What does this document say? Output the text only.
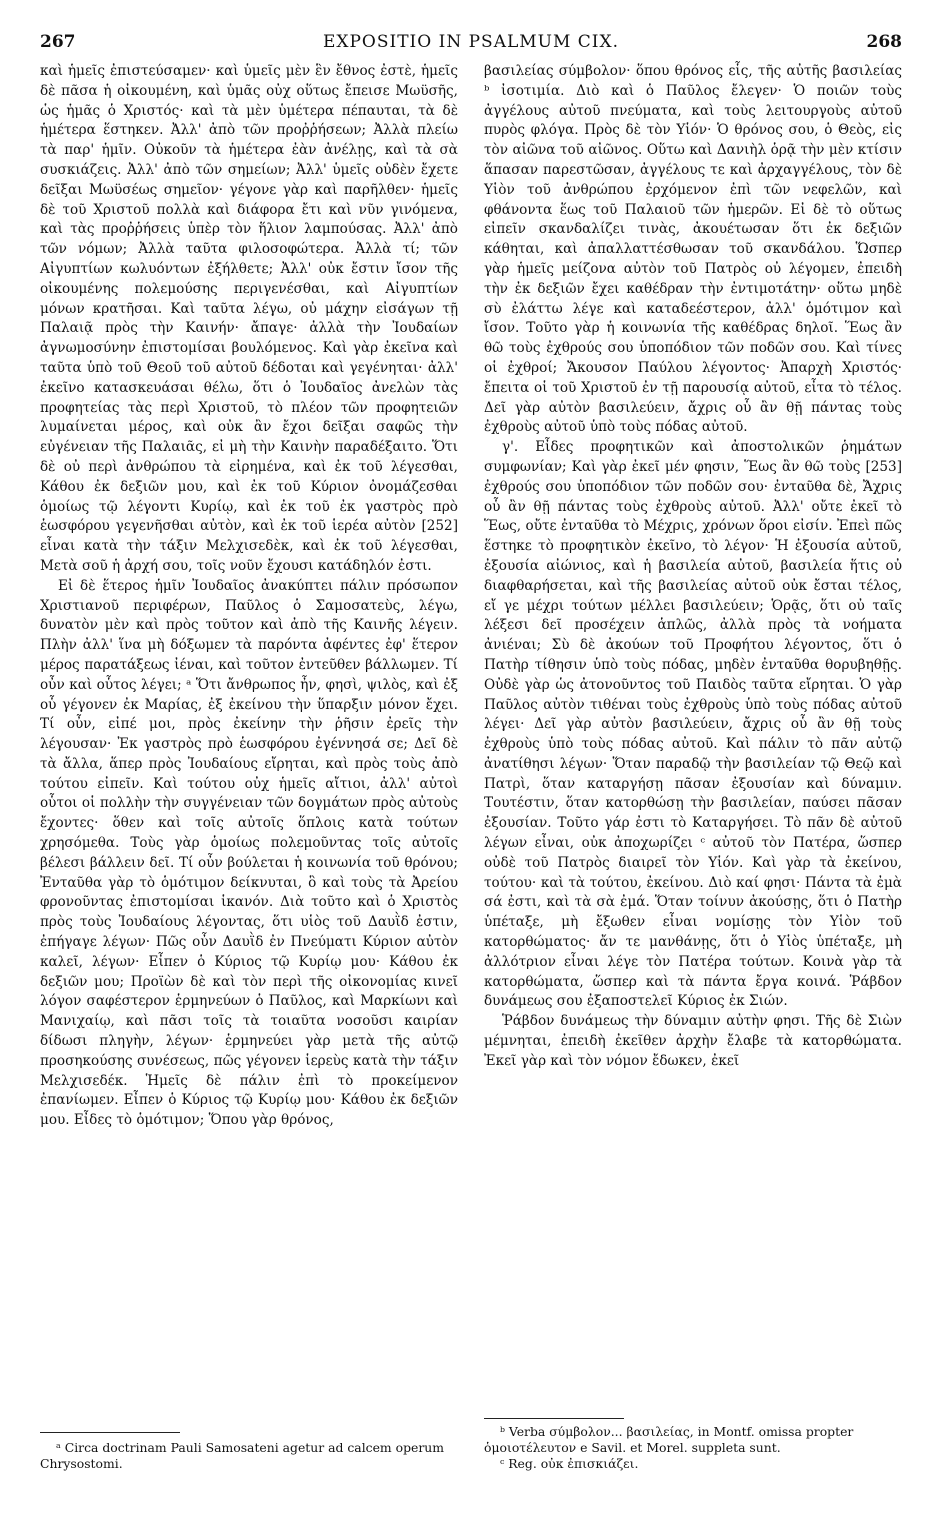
267	EXPOSITIO IN PSALMUM CIX.	268

καὶ ἡμεῖς ἐπιστεύσαμεν· καὶ ὑμεῖς μὲν ἓν ἔθνος ἐστὲ, ἡμεῖς δὲ πᾶσα ἡ οἰκουμένη, καὶ ὑμᾶς οὐχ οὕτως ἔπεισε Μωϋσῆς, ὡς ἡμᾶς ὁ Χριστός· καὶ τὰ μὲν ὑμέτερα πέπαυται, τὰ δὲ ἡμέτερα ἕστηκεν. Ἀλλ' ἀπὸ τῶν προῤῥήσεων; Ἀλλὰ πλείω τὰ παρ' ἡμῖν. Οὐκοῦν τὰ ἡμέτερα ἐὰν ἀνέλῃς, καὶ τὰ σὰ συσκιάζεις. Ἀλλ' ἀπὸ τῶν σημείων; Ἀλλ' ὑμεῖς οὐδὲν ἔχετε δεῖξαι Μωϋσέως σημεῖον· γέγονε γὰρ καὶ παρῆλθεν· ἡμεῖς δὲ τοῦ Χριστοῦ πολλὰ καὶ διάφορα ἔτι καὶ νῦν γινόμενα, καὶ τὰς προῤῥήσεις ὑπὲρ τὸν ἥλιον λαμπούσας. Ἀλλ' ἀπὸ τῶν νόμων; Ἀλλὰ ταῦτα φιλοσοφώτερα. Ἀλλὰ τί; τῶν Αἰγυπτίων κωλυόντων ἐξήλθετε; Ἀλλ' οὐκ ἔστιν ἴσον τῆς οἰκουμένης πολεμούσης περιγενέσθαι, καὶ Αἰγυπτίων μόνων κρατῆσαι. Καὶ ταῦτα λέγω, οὐ μάχην εἰσάγων τῇ Παλαιᾷ πρὸς τὴν Καινήν· ἄπαγε· ἀλλὰ τὴν Ἰουδαίων ἀγνωμοσύνην ἐπιστομίσαι βουλόμενος. Καὶ γὰρ ἐκεῖνα καὶ ταῦτα ὑπὸ τοῦ Θεοῦ τοῦ αὐτοῦ δέδοται καὶ γεγένηται· ἀλλ' ἐκεῖνο κατασκευάσαι θέλω, ὅτι ὁ Ἰουδαῖος ἀνελὼν τὰς προφητείας τὰς περὶ Χριστοῦ, τὸ πλέον τῶν προφητειῶν λυμαίνεται μέρος, καὶ οὐκ ἂν ἔχοι δεῖξαι σαφῶς τὴν εὐγένειαν τῆς Παλαιᾶς, εἰ μὴ τὴν Καινὴν παραδέξαιτο. Ὅτι δὲ οὐ περὶ ἀνθρώπου τὰ εἰρημένα, καὶ ἐκ τοῦ λέγεσθαι, Κάθου ἐκ δεξιῶν μου, καὶ ἐκ τοῦ Κύριον ὀνομάζεσθαι ὁμοίως τῷ λέγοντι Κυρίῳ, καὶ ἐκ τοῦ ἐκ γαστρὸς πρὸ ἑωσφόρου γεγενῆσθαι αὐτὸν, καὶ ἐκ τοῦ ἱερέα αὐτὸν [252] εἶναι κατὰ τὴν τάξιν Μελχισεδὲκ, καὶ ἐκ τοῦ λέγεσθαι, Μετὰ σοῦ ἡ ἀρχή σου, τοῖς νοῦν ἔχουσι κατάδηλόν ἐστι.

Εἰ δὲ ἕτερος ἡμῖν Ἰουδαῖος ἀνακύπτει πάλιν πρόσωπον Χριστιανοῦ περιφέρων, Παῦλος ὁ Σαμοσατεὺς, λέγω, δυνατὸν μὲν καὶ πρὸς τοῦτον καὶ ἀπὸ τῆς Καινῆς λέγειν. Πλὴν ἀλλ' ἵνα μὴ δόξωμεν τὰ παρόντα ἀφέντες ἐφ' ἕτερον μέρος παρατάξεως ἰέναι, καὶ τοῦτον ἐντεῦθεν βάλλωμεν. Τί οὖν καὶ οὗτος λέγει; ᵃ Ὅτι ἄνθρωπος ἦν, φησὶ, ψιλὸς, καὶ ἐξ οὗ γέγονεν ἐκ Μαρίας, ἐξ ἐκείνου τὴν ὕπαρξιν μόνον ἔχει. Τί οὖν, εἰπέ μοι, πρὸς ἐκείνην τὴν ῥῆσιν ἐρεῖς τὴν λέγουσαν· Ἐκ γαστρὸς πρὸ ἑωσφόρου ἐγέννησά σε; Δεῖ δὲ τὰ ἄλλα, ἅπερ πρὸς Ἰουδαίους εἴρηται, καὶ πρὸς τοὺς ἀπὸ τούτου εἰπεῖν. Καὶ τούτου οὐχ ἡμεῖς αἴτιοι, ἀλλ' αὐτοὶ οὗτοι οἱ πολλὴν τὴν συγγένειαν τῶν δογμάτων πρὸς αὐτοὺς ἔχοντες· ὅθεν καὶ τοῖς αὐτοῖς ὅπλοις κατὰ τούτων χρησόμεθα. Τοὺς γὰρ ὁμοίως πολεμοῦντας τοῖς αὐτοῖς βέλεσι βάλλειν δεῖ. Τί οὖν βούλεται ἡ κοινωνία τοῦ θρόνου; Ἐνταῦθα γὰρ τὸ ὁμότιμον δείκνυται, ὃ καὶ τοὺς τὰ Ἀρείου φρονοῦντας ἐπιστομίσαι ἱκανόν. Διὰ τοῦτο καὶ ὁ Χριστὸς πρὸς τοὺς Ἰουδαίους λέγοντας, ὅτι υἱὸς τοῦ Δαυῒδ ἐστιν, ἐπήγαγε λέγων· Πῶς οὖν Δαυῒδ ἐν Πνεύματι Κύριον αὐτὸν καλεῖ, λέγων· Εἶπεν ὁ Κύριος τῷ Κυρίῳ μου· Κάθου ἐκ δεξιῶν μου; Προϊὼν δὲ καὶ τὸν περὶ τῆς οἰκονομίας κινεῖ λόγον σαφέστερον ἑρμηνεύων ὁ Παῦλος, καὶ Μαρκίωνι καὶ Μανιχαίῳ, καὶ πᾶσι τοῖς τὰ τοιαῦτα νοσοῦσι καιρίαν δίδωσι πληγὴν, λέγων· ἑρμηνεύει γὰρ μετὰ τῆς αὐτῷ προσηκούσης συνέσεως, πῶς γέγονεν ἱερεὺς κατὰ τὴν τάξιν Μελχισεδέκ. Ἡμεῖς δὲ πάλιν ἐπὶ τὸ προκείμενον ἐπανίωμεν. Εἶπεν ὁ Κύριος τῷ Κυρίῳ μου· Κάθου ἐκ δεξιῶν μου. Εἶδες τὸ ὁμότιμον; Ὅπου γὰρ θρόνος,

βασιλείας σύμβολον· ὅπου θρόνος εἷς, τῆς αὐτῆς βασιλείας ᵇ ἰσοτιμία. Διὸ καὶ ὁ Παῦλος ἔλεγεν· Ὁ ποιῶν τοὺς ἀγγέλους αὐτοῦ πνεύματα, καὶ τοὺς λειτουργοὺς αὐτοῦ πυρὸς φλόγα. Πρὸς δὲ τὸν Υἱόν· Ὁ θρόνος σου, ὁ Θεὸς, εἰς τὸν αἰῶνα τοῦ αἰῶνος. Οὕτω καὶ Δανιὴλ ὁρᾷ τὴν μὲν κτίσιν ἅπασαν παρεστῶσαν, ἀγγέλους τε καὶ ἀρχαγγέλους, τὸν δὲ Υἱὸν τοῦ ἀνθρώπου ἐρχόμενον ἐπὶ τῶν νεφελῶν, καὶ φθάνοντα ἕως τοῦ Παλαιοῦ τῶν ἡμερῶν. Εἰ δὲ τὸ οὕτως εἰπεῖν σκανδαλίζει τινὰς, ἀκουέτωσαν ὅτι ἐκ δεξιῶν κάθηται, καὶ ἀπαλλαττέσθωσαν τοῦ σκανδάλου. Ὥσπερ γὰρ ἡμεῖς μείζονα αὐτὸν τοῦ Πατρὸς οὐ λέγομεν, ἐπειδὴ τὴν ἐκ δεξιῶν ἔχει καθέδραν τὴν ἐντιμοτάτην· οὕτω μηδὲ σὺ ἐλάττω λέγε καὶ καταδεέστερον, ἀλλ' ὁμότιμον καὶ ἴσον. Τοῦτο γὰρ ἡ κοινωνία τῆς καθέδρας δηλοῖ. Ἕως ἂν θῶ τοὺς ἐχθρούς σου ὑποπόδιον τῶν ποδῶν σου. Καὶ τίνες οἱ ἐχθροί; Ἄκουσον Παύλου λέγοντος· Ἀπαρχὴ Χριστός· ἔπειτα οἱ τοῦ Χριστοῦ ἐν τῇ παρουσίᾳ αὐτοῦ, εἶτα τὸ τέλος. Δεῖ γὰρ αὐτὸν βασιλεύειν, ἄχρις οὗ ἂν θῇ πάντας τοὺς ἐχθροὺς αὐτοῦ ὑπὸ τοὺς πόδας αὐτοῦ.

γ'. Εἶδες προφητικῶν καὶ ἀποστολικῶν ῥημάτων συμφωνίαν; Καὶ γὰρ ἐκεῖ μέν φησιν, Ἕως ἂν θῶ τοὺς [253] ἐχθρούς σου ὑποπόδιον τῶν ποδῶν σου· ἐνταῦθα δὲ, Ἄχρις οὗ ἂν θῇ πάντας τοὺς ἐχθροὺς αὐτοῦ. Ἀλλ' οὔτε ἐκεῖ τὸ Ἕως, οὔτε ἐνταῦθα τὸ Μέχρις, χρόνων ὅροι εἰσίν. Ἐπεὶ πῶς ἕστηκε τὸ προφητικὸν ἐκεῖνο, τὸ λέγον· Ἡ ἐξουσία αὐτοῦ, ἐξουσία αἰώνιος, καὶ ἡ βασιλεία αὐτοῦ, βασιλεία ἥτις οὐ διαφθαρήσεται, καὶ τῆς βασιλείας αὐτοῦ οὐκ ἔσται τέλος, εἴ γε μέχρι τούτων μέλλει βασιλεύειν; Ὁρᾷς, ὅτι οὐ ταῖς λέξεσι δεῖ προσέχειν ἁπλῶς, ἀλλὰ πρὸς τὰ νοήματα ἀνιέναι; Σὺ δὲ ἀκούων τοῦ Προφήτου λέγοντος, ὅτι ὁ Πατὴρ τίθησιν ὑπὸ τοὺς πόδας, μηδὲν ἐνταῦθα θορυβηθῇς. Οὐδὲ γὰρ ὡς ἀτονοῦντος τοῦ Παιδὸς ταῦτα εἴρηται. Ὁ γὰρ Παῦλος αὐτὸν τιθέναι τοὺς ἐχθροὺς ὑπὸ τοὺς πόδας αὐτοῦ λέγει· Δεῖ γὰρ αὐτὸν βασιλεύειν, ἄχρις οὗ ἂν θῇ τοὺς ἐχθροὺς ὑπὸ τοὺς πόδας αὐτοῦ. Καὶ πάλιν τὸ πᾶν αὐτῷ ἀνατίθησι λέγων· Ὅταν παραδῷ τὴν βασιλείαν τῷ Θεῷ καὶ Πατρὶ, ὅταν καταργήσῃ πᾶσαν ἐξουσίαν καὶ δύναμιν. Τουτέστιν, ὅταν κατορθώσῃ τὴν βασιλείαν, παύσει πᾶσαν ἐξουσίαν. Τοῦτο γάρ ἐστι τὸ Καταργήσει. Τὸ πᾶν δὲ αὐτοῦ λέγων εἶναι, οὐκ ἀποχωρίζει ᶜ αὐτοῦ τὸν Πατέρα, ὥσπερ οὐδὲ τοῦ Πατρὸς διαιρεῖ τὸν Υἱόν. Καὶ γὰρ τὰ ἐκείνου, τούτου· καὶ τὰ τούτου, ἐκείνου. Διὸ καί φησι· Πάντα τὰ ἐμὰ σά ἐστι, καὶ τὰ σὰ ἐμά. Ὅταν τοίνυν ἀκούσῃς, ὅτι ὁ Πατὴρ ὑπέταξε, μὴ ἔξωθεν εἶναι νομίσῃς τὸν Υἱὸν τοῦ κατορθώματος· ἄν τε μανθάνῃς, ὅτι ὁ Υἱὸς ὑπέταξε, μὴ ἀλλότριον εἶναι λέγε τὸν Πατέρα τούτων. Κοινὰ γὰρ τὰ κατορθώματα, ὥσπερ καὶ τὰ πάντα ἔργα κοινά. Ῥάβδον δυνάμεως σου ἐξαποστελεῖ Κύριος ἐκ Σιών.

Ῥάβδον δυνάμεως τὴν δύναμιν αὐτὴν φησι. Τῆς δὲ Σιὼν μέμνηται, ἐπειδὴ ἐκεῖθεν ἀρχὴν ἔλαβε τὰ κατορθώματα. Ἐκεῖ γὰρ καὶ τὸν νόμον ἔδωκεν, ἐκεῖ

ᵃ Circa doctrinam Pauli Samosateni agetur ad calcem operum Chrysostomi.

ᵇ Verba σύμβολον... βασιλείας, in Montf. omissa propter ὁμοιοτέλευτον e Savil. et Morel. suppleta sunt.

ᶜ Reg. οὐκ ἐπισκιάζει.
